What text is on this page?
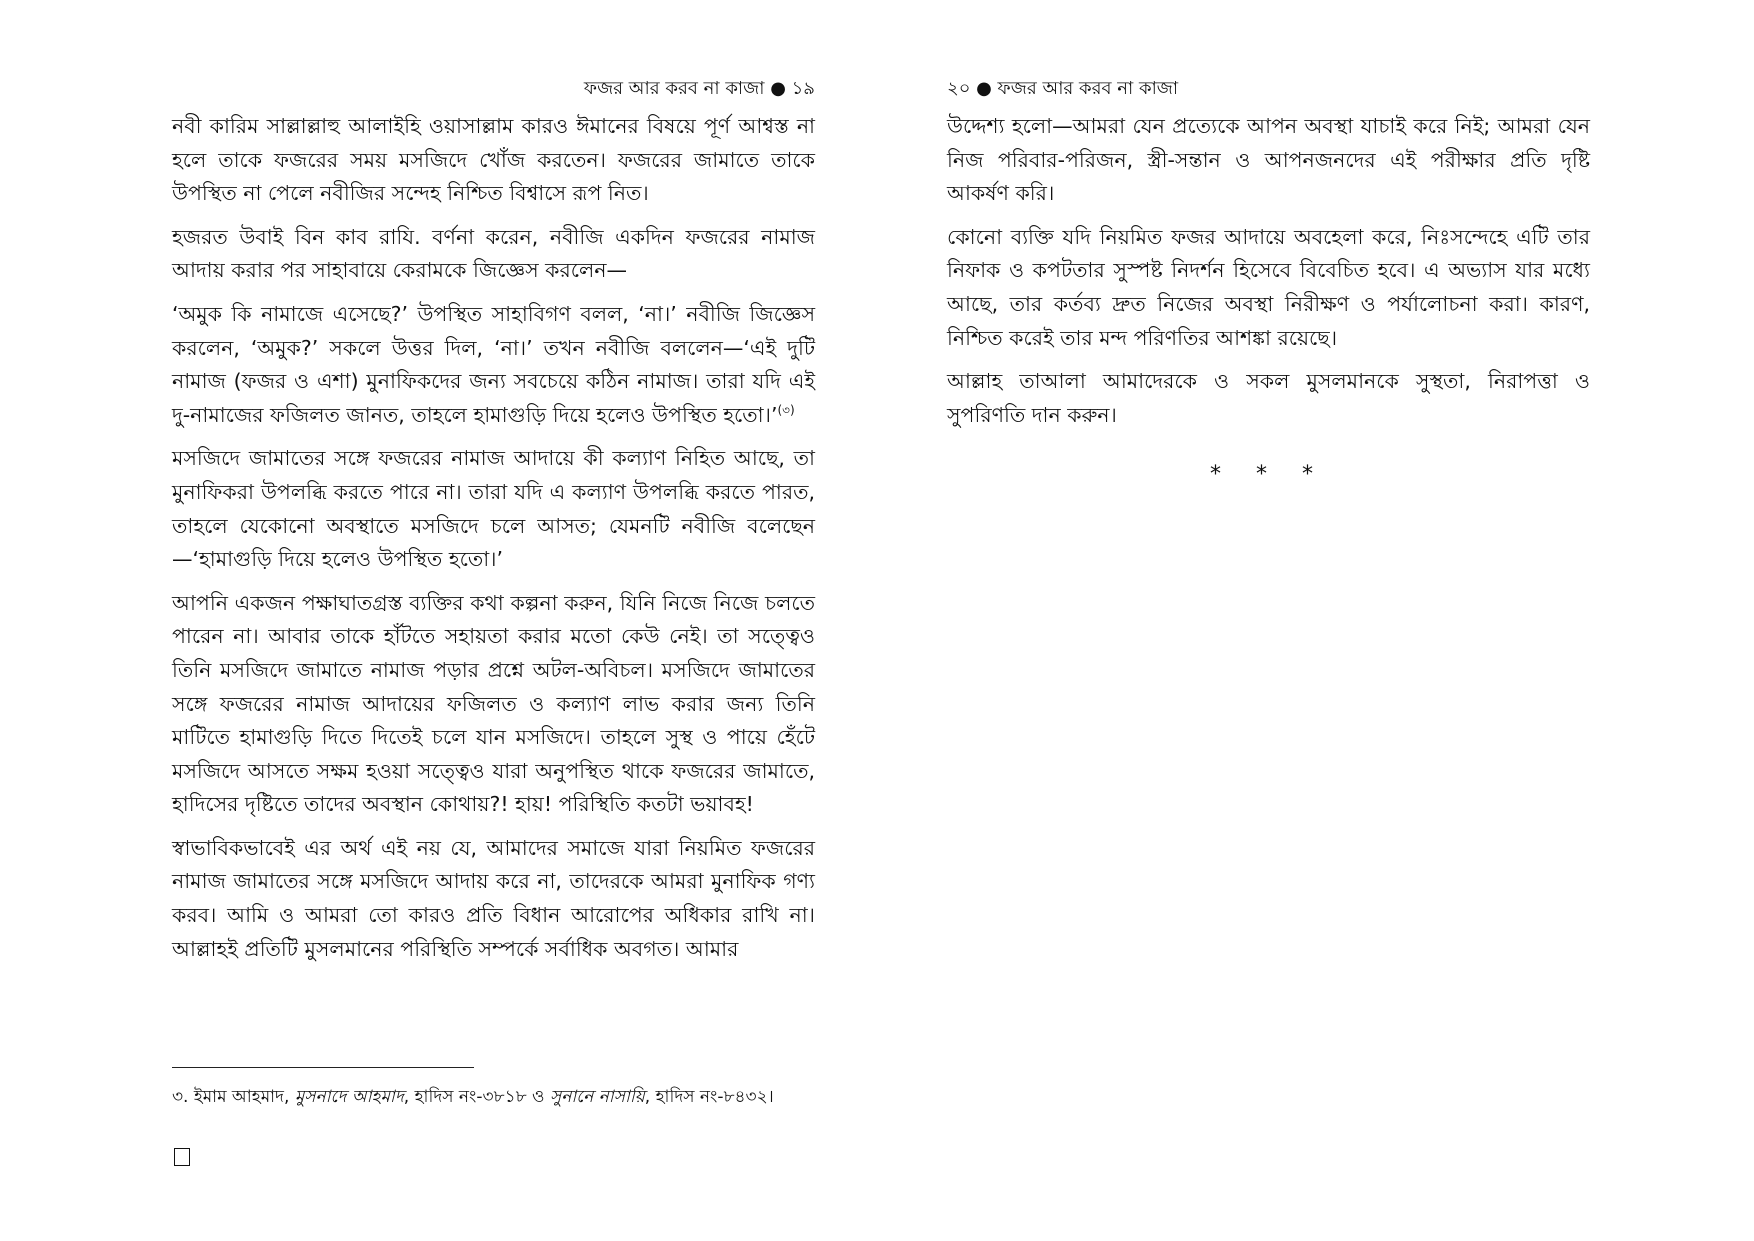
ফজর আর করব না কাজা ● ১৯

নবী কারিম সাল্লাল্লাহু আলাইহি ওয়াসাল্লাম কারও ঈমানের বিষয়ে পূর্ণ আশ্বস্ত না হলে তাকে ফজরের সময় মসজিদে খোঁজ করতেন। ফজরের জামাতে তাকে উপস্থিত না পেলে নবীজির সন্দেহ নিশ্চিত বিশ্বাসে রূপ নিত।

হজরত উবাই বিন কাব রাযি. বর্ণনা করেন, নবীজি একদিন ফজরের নামাজ আদায় করার পর সাহাবায়ে কেরামকে জিজ্ঞেস করলেন—

‘অমুক কি নামাজে এসেছে?’ উপস্থিত সাহাবিগণ বলল, ‘না।’ নবীজি জিজ্ঞেস করলেন, ‘অমুক?’ সকলে উত্তর দিল, ‘না।’ তখন নবীজি বললেন—‘এই দুটি নামাজ (ফজর ও এশা) মুনাফিকদের জন্য সবচেয়ে কঠিন নামাজ। তারা যদি এই দু-নামাজের ফজিলত জানত, তাহলে হামাগুড়ি দিয়ে হলেও উপস্থিত হতো।’$^{(৩)}$

মসজিদে জামাতের সঙ্গে ফজরের নামাজ আদায়ে কী কল্যাণ নিহিত আছে, তা মুনাফিকরা উপলব্ধি করতে পারে না। তারা যদি এ কল্যাণ উপলব্ধি করতে পারত, তাহলে যেকোনো অবস্থাতে মসজিদে চলে আসত; যেমনটি নবীজি বলেছেন—‘হামাগুড়ি দিয়ে হলেও উপস্থিত হতো।’

আপনি একজন পক্ষাঘাতগ্রস্ত ব্যক্তির কথা কল্পনা করুন, যিনি নিজে নিজে চলতে পারেন না। আবার তাকে হাঁটতে সহায়তা করার মতো কেউ নেই। তা সত্ত্বেও তিনি মসজিদে জামাতে নামাজ পড়ার প্রশ্নে অটল-অবিচল। মসজিদে জামাতের সঙ্গে ফজরের নামাজ আদায়ের ফজিলত ও কল্যাণ লাভ করার জন্য তিনি মাটিতে হামাগুড়ি দিতে দিতেই চলে যান মসজিদে। তাহলে সুস্থ ও পায়ে হেঁটে মসজিদে আসতে সক্ষম হওয়া সত্ত্বেও যারা অনুপস্থিত থাকে ফজরের জামাতে, হাদিসের দৃষ্টিতে তাদের অবস্থান কোথায়?! হায়! পরিস্থিতি কতটা ভয়াবহ!

স্বাভাবিকভাবেই এর অর্থ এই নয় যে, আমাদের সমাজে যারা নিয়মিত ফজরের নামাজ জামাতের সঙ্গে মসজিদে আদায় করে না, তাদেরকে আমরা মুনাফিক গণ্য করব। আমি ও আমরা তো কারও প্রতি বিধান আরোপের অধিকার রাখি না। আল্লাহই প্রতিটি মুসলমানের পরিস্থিতি সম্পর্কে সর্বাধিক অবগত। আমার

৩. ইমাম আহমাদ, মুসনাদে আহমাদ, হাদিস নং-৩৮১৮ ও সুনানে নাসায়ি, হাদিস নং-৮৪৩২।

২০ ● ফজর আর করব না কাজা

উদ্দেশ্য হলো—আমরা যেন প্রত্যেকে আপন অবস্থা যাচাই করে নিই; আমরা যেন নিজ পরিবার-পরিজন, স্ত্রী-সন্তান ও আপনজনদের এই পরীক্ষার প্রতি দৃষ্টি আকর্ষণ করি।

কোনো ব্যক্তি যদি নিয়মিত ফজর আদায়ে অবহেলা করে, নিঃসন্দেহে এটি তার নিফাক ও কপটতার সুস্পষ্ট নিদর্শন হিসেবে বিবেচিত হবে। এ অভ্যাস যার মধ্যে আছে, তার কর্তব্য দ্রুত নিজের অবস্থা নিরীক্ষণ ও পর্যালোচনা করা। কারণ, নিশ্চিত করেই তার মন্দ পরিণতির আশঙ্কা রয়েছে।

আল্লাহ তাআলা আমাদেরকে ও সকল মুসলমানকে সুস্থতা, নিরাপত্তা ও সুপরিণতি দান করুন।

* * *
